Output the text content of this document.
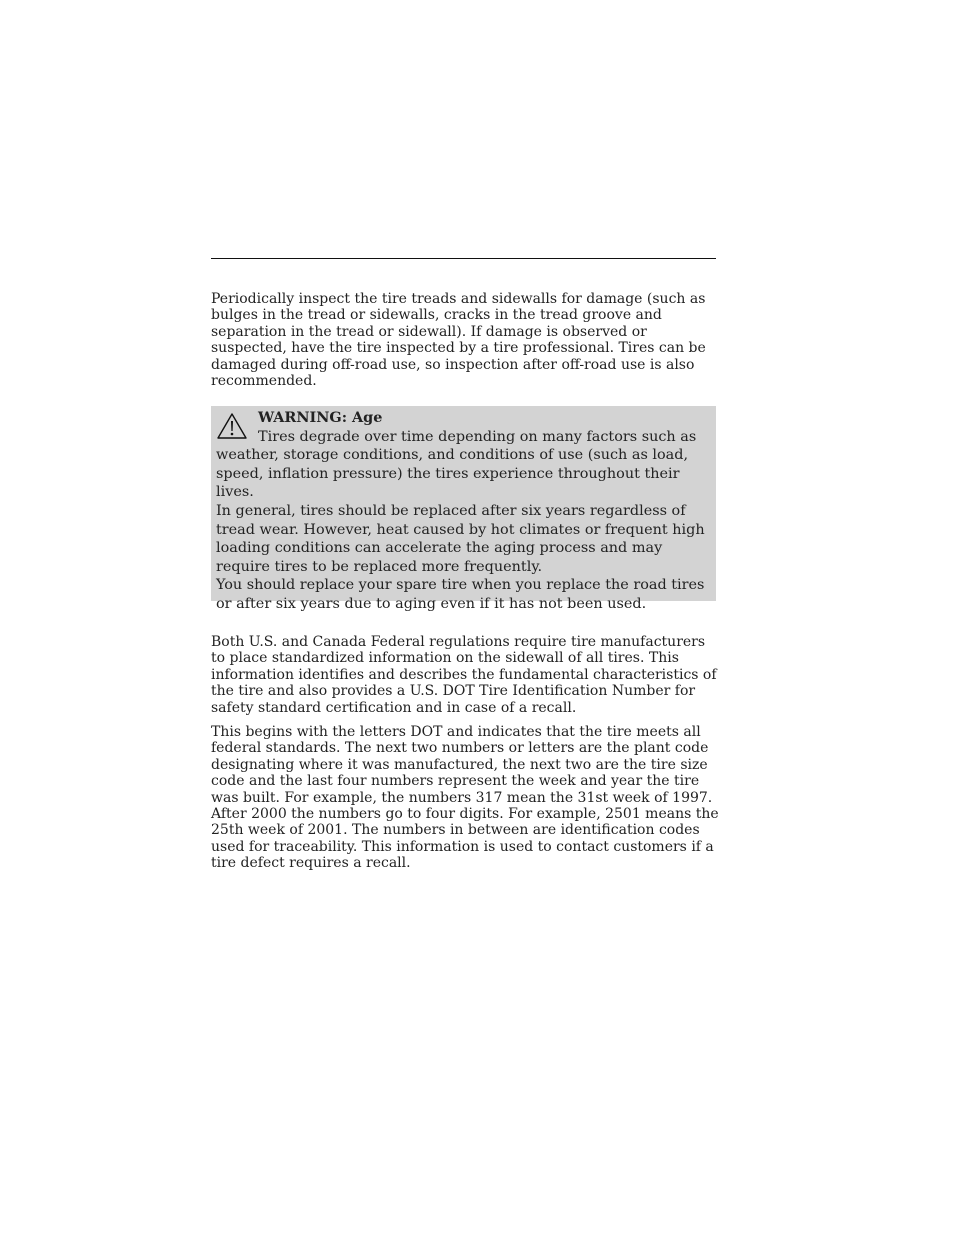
Periodically inspect the tire treads and sidewalls for damage (such as bulges in the tread or sidewalls, cracks in the tread groove and separation in the tread or sidewall). If damage is observed or suspected, have the tire inspected by a tire professional. Tires can be damaged during off-road use, so inspection after off-road use is also recommended.

WARNING: Age

Tires degrade over time depending on many factors such as weather, storage conditions, and conditions of use (such as load, speed, inflation pressure) the tires experience throughout their lives.

In general, tires should be replaced after six years regardless of tread wear. However, heat caused by hot climates or frequent high loading conditions can accelerate the aging process and may require tires to be replaced more frequently.

You should replace your spare tire when you replace the road tires or after six years due to aging even if it has not been used.

Both U.S. and Canada Federal regulations require tire manufacturers to place standardized information on the sidewall of all tires. This information identifies and describes the fundamental characteristics of the tire and also provides a U.S. DOT Tire Identification Number for safety standard certification and in case of a recall.

This begins with the letters DOT and indicates that the tire meets all federal standards. The next two numbers or letters are the plant code designating where it was manufactured, the next two are the tire size code and the last four numbers represent the week and year the tire was built. For example, the numbers 317 mean the 31st week of 1997. After 2000 the numbers go to four digits. For example, 2501 means the 25th week of 2001. The numbers in between are identification codes used for traceability. This information is used to contact customers if a tire defect requires a recall.
